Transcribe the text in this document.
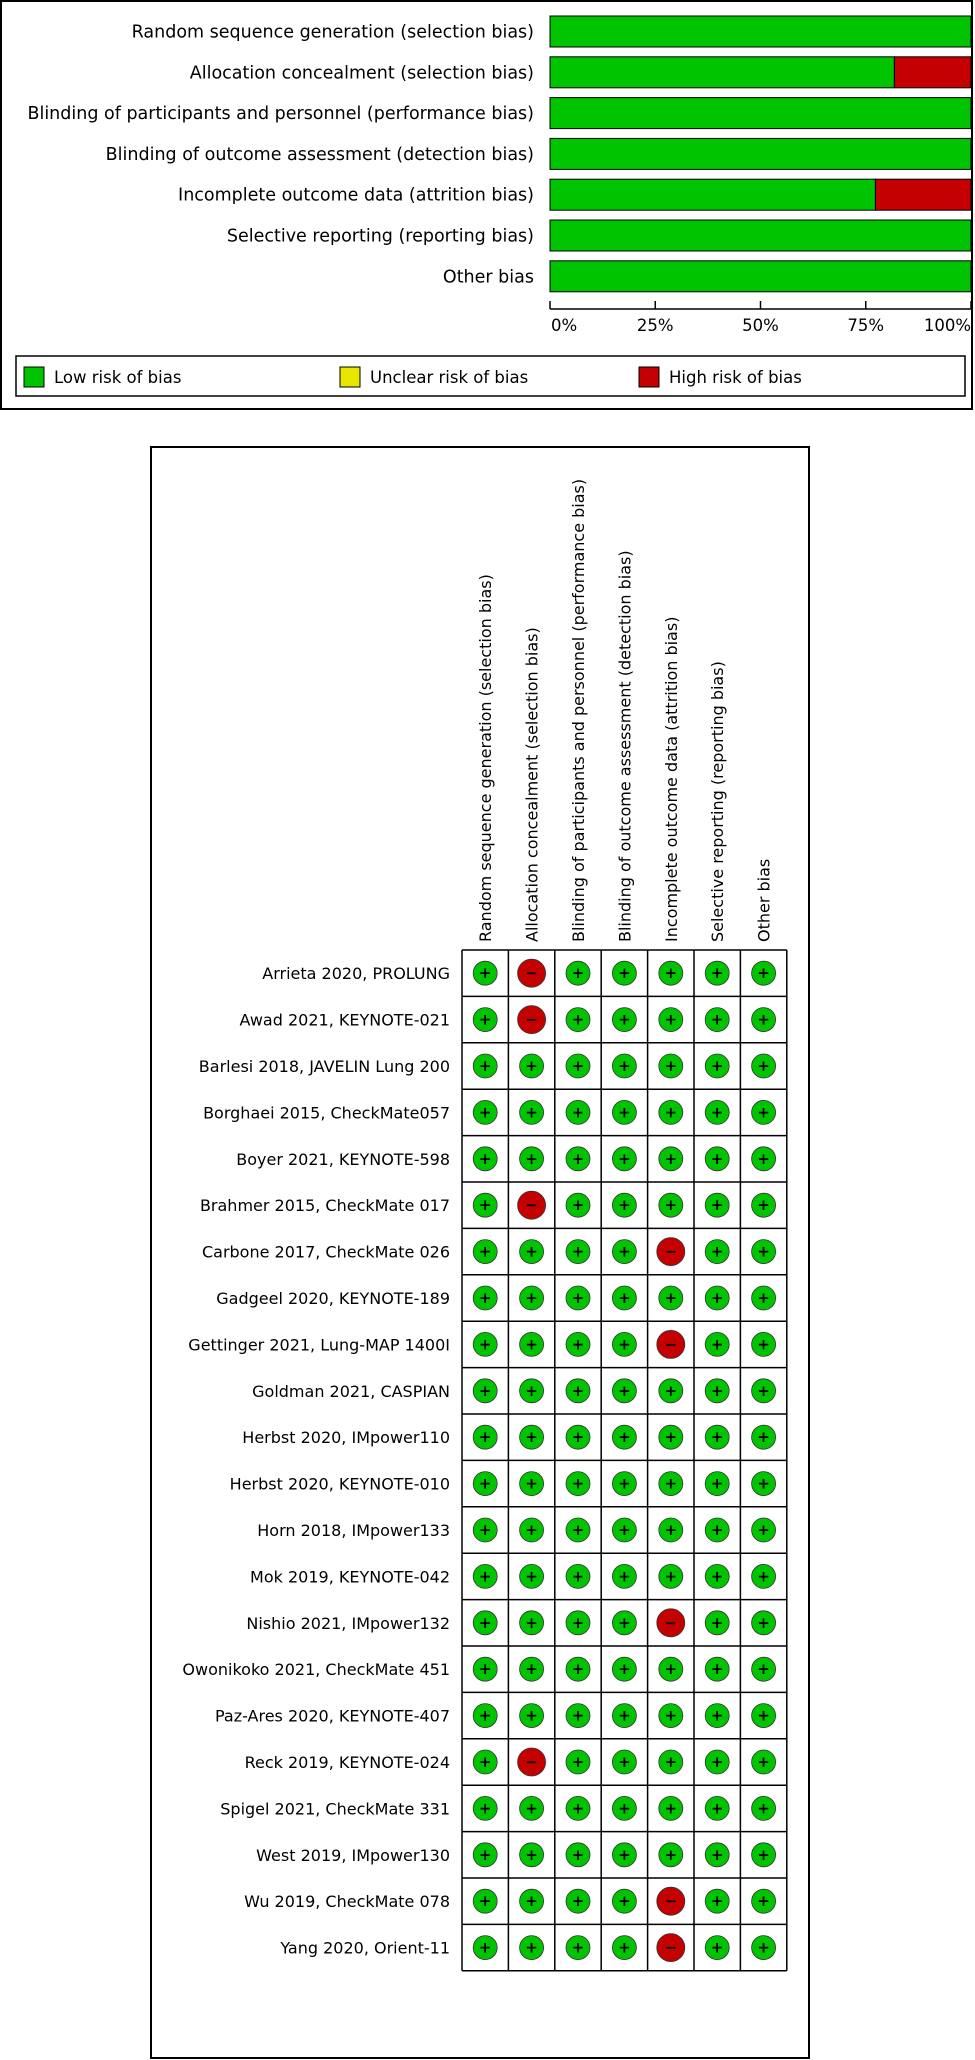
Random sequence generation (selection bias)
Allocation concealment (selection bias)
Blinding of participants and personnel (performance bias)
Blinding of outcome assessment (detection bias)
Incomplete outcome data (attrition bias)
Selective reporting (reporting bias)
Other bias
0%	25%	50%	75% 100%
Low risk of bias	Unclear risk of bias	High risk of bias
Random sequence generation (selection bias) Allocation concealment (selection bias) Blinding of participants and personnel (performance bias) Blinding of outcome assessment (detection bias) Incomplete outcome data (attrition bias) Selective reporting (reporting bias) Other bias
Arrieta 2020, PROLUNG + − + + + + +
Awad 2021, KEYNOTE-021 + − + + + + +
Barlesi 2018, JAVELIN Lung 200 + + + + + + +
Borghaei 2015, CheckMate057 + + + + + + +
Boyer 2021, KEYNOTE-598 + + + + + + +
Brahmer 2015, CheckMate 017 + − + + + + +
Carbone 2017, CheckMate 026 + + + + − + +
Gadgeel 2020, KEYNOTE-189 + + + + + + +
Gettinger 2021, Lung-MAP 1400I + + + + − + +
Goldman 2021, CASPIAN + + + + + + +
Herbst 2020, IMpower110 + + + + + + +
Herbst 2020, KEYNOTE-010 + + + + + + +
Horn 2018, IMpower133 + + + + + + +
Mok 2019, KEYNOTE-042 + + + + + + +
Nishio 2021, IMpower132 + + + + − + +
Owonikoko 2021, CheckMate 451 + + + + + + +
Paz-Ares 2020, KEYNOTE-407 + + + + + + +
Reck 2019, KEYNOTE-024 + − + + + + +
Spigel 2021, CheckMate 331 + + + + + + +
West 2019, IMpower130 + + + + + + +
Wu 2019, CheckMate 078 + + + + − + +
Yang 2020, Orient-11 + + + + − + +
